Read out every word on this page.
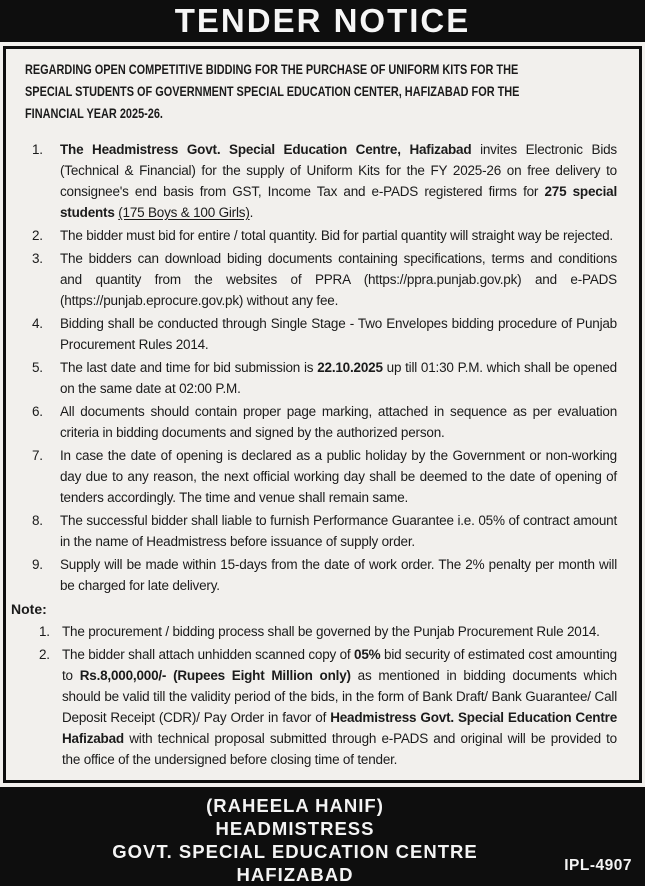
TENDER NOTICE
REGARDING OPEN COMPETITIVE BIDDING FOR THE PURCHASE OF UNIFORM KITS FOR THE
SPECIAL STUDENTS OF GOVERNMENT SPECIAL EDUCATION CENTER, HAFIZABAD FOR THE
FINANCIAL YEAR 2025-26.
1. The Headmistress Govt. Special Education Centre, Hafizabad invites Electronic Bids (Technical & Financial) for the supply of Uniform Kits for the FY 2025-26 on free delivery to consignee's end basis from GST, Income Tax and e-PADS registered firms for 275 special students (175 Boys & 100 Girls).
2. The bidder must bid for entire / total quantity. Bid for partial quantity will straight way be rejected.
3. The bidders can download biding documents containing specifications, terms and conditions and quantity from the websites of PPRA (https://ppra.punjab.gov.pk) and e-PADS (https://punjab.eprocure.gov.pk) without any fee.
4. Bidding shall be conducted through Single Stage - Two Envelopes bidding procedure of Punjab Procurement Rules 2014.
5. The last date and time for bid submission is 22.10.2025 up till 01:30 P.M. which shall be opened on the same date at 02:00 P.M.
6. All documents should contain proper page marking, attached in sequence as per evaluation criteria in bidding documents and signed by the authorized person.
7. In case the date of opening is declared as a public holiday by the Government or non-working day due to any reason, the next official working day shall be deemed to the date of opening of tenders accordingly. The time and venue shall remain same.
8. The successful bidder shall liable to furnish Performance Guarantee i.e. 05% of contract amount in the name of Headmistress before issuance of supply order.
9. Supply will be made within 15-days from the date of work order. The 2% penalty per month will be charged for late delivery.
Note:
1. The procurement / bidding process shall be governed by the Punjab Procurement Rule 2014.
2. The bidder shall attach unhidden scanned copy of 05% bid security of estimated cost amounting to Rs.8,000,000/- (Rupees Eight Million only) as mentioned in bidding documents which should be valid till the validity period of the bids, in the form of Bank Draft/ Bank Guarantee/ Call Deposit Receipt (CDR)/ Pay Order in favor of Headmistress Govt. Special Education Centre Hafizabad with technical proposal submitted through e-PADS and original will be provided to the office of the undersigned before closing time of tender.
(RAHEELA HANIF)
HEADMISTRESS
GOVT. SPECIAL EDUCATION CENTRE
HAFIZABAD	IPL-4907
